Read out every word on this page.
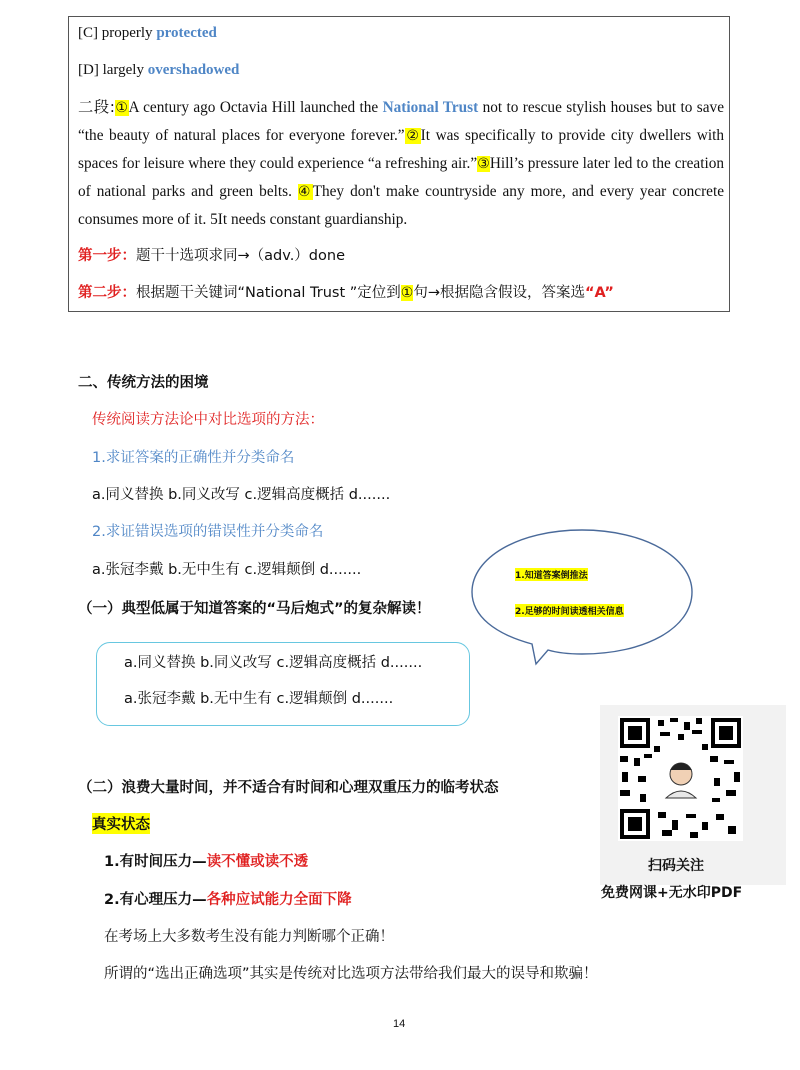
[C] properly protected
[D] largely overshadowed
二段:①A century ago Octavia Hill launched the National Trust not to rescue stylish houses but to save “the beauty of natural places for everyone forever.”②It was specifically to provide city dwellers with spaces for leisure where they could experience “a refreshing air.”③Hill’s pressure later led to the creation of national parks and green belts. ④They don't make countryside any more, and every year concrete consumes more of it. 5It needs constant guardianship.
第一步：题干十选项求同→（adv.）done
第二步：根据题干关键词“National Trust ”定位到①句→根据隐含假设，答案选“A”
二、传统方法的困境
传统阅读方法论中对比选项的方法：
1.求证答案的正确性并分类命名
a.同义替换 b.同义改写 c.逻辑高度概括 d.......
2.求证错误选项的错误性并分类命名
a.张冠李戴 b.无中生有 c.逻辑颠倒 d.......	1.知道答案倒推法
2.足够的时间读透相关信息
（一）典型低属于知道答案的“马后炮式”的复杂解读！
a.同义替换 b.同义改写 c.逻辑高度概括 d.......
a.张冠李戴 b.无中生有 c.逻辑颠倒 d.......
（二）浪费大量时间，并不适合有时间和心理双重压力的临考状态
真实状态
1.有时间压力—读不懂或读不透
2.有心理压力—各种应试能力全面下降
在考场上大多数考生没有能力判断哪个正确！
所谓的“选出正确选项”其实是传统对比选项方法带给我们最大的误导和欺骗！
扫码关注
免费网课+无水印PDF
14
